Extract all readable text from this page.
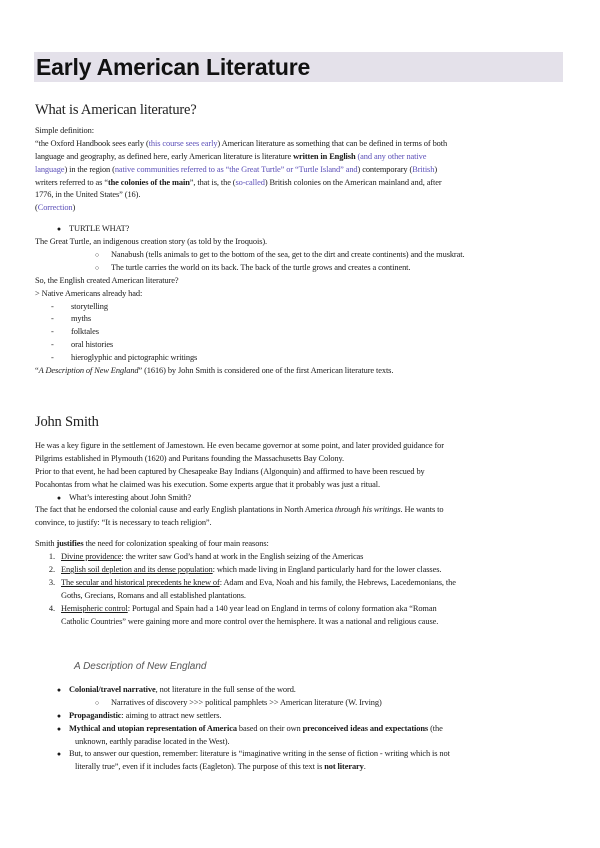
Early American Literature
What is American literature?
Simple definition:
“the Oxford Handbook sees early (this course sees early) American literature as something that can be defined in terms of both
language and geography, as defined here, early American literature is literature written in English (and any other native
language) in the region (native communities referred to as “the Great Turtle” or “Turtle Island” and) contemporary (British)
writers referred to as “the colonies of the main”, that is, the (so-called) British colonies on the American mainland and, after
1776, in the United States” (16).
(Correction)
● TURTLE WHAT?
The Great Turtle, an indigenous creation story (as told by the Iroquois).
○ Nanabush (tells animals to get to the bottom of the sea, get to the dirt and create continents) and the muskrat.
○ The turtle carries the world on its back. The back of the turtle grows and creates a continent.
So, the English created American literature?
> Native Americans already had:
- storytelling
- myths
- folktales
- oral histories
- hieroglyphic and pictographic writings
“A Description of New England” (1616) by John Smith is considered one of the first American literature texts.
John Smith
He was a key figure in the settlement of Jamestown. He even became governor at some point, and later provided guidance for
Pilgrims established in Plymouth (1620) and Puritans founding the Massachusetts Bay Colony.
Prior to that event, he had been captured by Chesapeake Bay Indians (Algonquin) and affirmed to have been rescued by
Pocahontas from what he claimed was his execution. Some experts argue that it probably was just a ritual.
● What’s interesting about John Smith?
The fact that he endorsed the colonial cause and early English plantations in North America through his writings. He wants to
convince, to justify: “It is necessary to teach religion”.
Smith justifies the need for colonization speaking of four main reasons:
1. Divine providence: the writer saw God’s hand at work in the English seizing of the Americas
2. English soil depletion and its dense population: which made living in England particularly hard for the lower classes.
3. The secular and historical precedents he knew of: Adam and Eva, Noah and his family, the Hebrews, Lacedemonians, the
Goths, Grecians, Romans and all established plantations.
4. Hemispheric control: Portugal and Spain had a 140 year lead on England in terms of colony formation aka “Roman
Catholic Countries” were gaining more and more control over the hemisphere. It was a national and religious cause.
A Description of New England
● Colonial/travel narrative, not literature in the full sense of the word.
○ Narratives of discovery >>> political pamphlets >> American literature (W. Irving)
● Propagandistic: aiming to attract new settlers.
● Mythical and utopian representation of America based on their own preconceived ideas and expectations (the
unknown, earthly paradise located in the West).
● But, to answer our question, remember: literature is “imaginative writing in the sense of fiction - writing which is not
literally true”, even if it includes facts (Eagleton). The purpose of this text is not literary.
